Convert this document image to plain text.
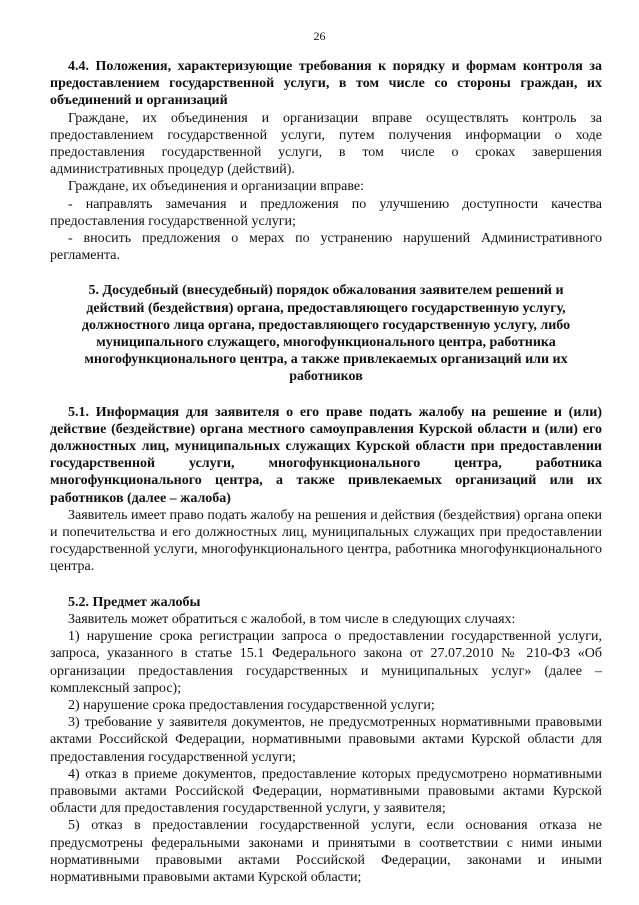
26

4.4. Положения, характеризующие требования к порядку и формам контроля за предоставлением государственной услуги, в том числе со стороны граждан, их объединений и организаций

Граждане, их объединения и организации вправе осуществлять контроль за предоставлением государственной услуги, путем получения информации о ходе предоставления государственной услуги, в том числе о сроках завершения административных процедур (действий).

Граждане, их объединения и организации вправе:

- направлять замечания и предложения по улучшению доступности качества предоставления государственной услуги;

- вносить предложения о мерах по устранению нарушений Административного регламента.

5. Досудебный (внесудебный) порядок обжалования заявителем решений и действий (бездействия) органа, предоставляющего государственную услугу, должностного лица органа, предоставляющего государственную услугу, либо муниципального служащего, многофункционального центра, работника многофункционального центра, а также привлекаемых организаций или их работников

5.1. Информация для заявителя о его праве подать жалобу на решение и (или) действие (бездействие) органа местного самоуправления Курской области и (или) его должностных лиц, муниципальных служащих Курской области при предоставлении государственной услуги, многофункционального центра, работника многофункционального центра, а также привлекаемых организаций или их работников (далее – жалоба)

Заявитель имеет право подать жалобу на решения и действия (бездействия) органа опеки и попечительства и его должностных лиц, муниципальных служащих при предоставлении государственной услуги, многофункционального центра, работника многофункционального центра.

5.2. Предмет жалобы

Заявитель может обратиться с жалобой, в том числе в следующих случаях:

1) нарушение срока регистрации запроса о предоставлении государственной услуги, запроса, указанного в статье 15.1 Федерального закона от 27.07.2010 № 210-ФЗ «Об организации предоставления государственных и муниципальных услуг» (далее – комплексный запрос);

2) нарушение срока предоставления государственной услуги;

3) требование у заявителя документов, не предусмотренных нормативными правовыми актами Российской Федерации, нормативными правовыми актами Курской области для предоставления государственной услуги;

4) отказ в приеме документов, предоставление которых предусмотрено нормативными правовыми актами Российской Федерации, нормативными правовыми актами Курской области для предоставления государственной услуги, у заявителя;

5) отказ в предоставлении государственной услуги, если основания отказа не предусмотрены федеральными законами и принятыми в соответствии с ними иными нормативными правовыми актами Российской Федерации, законами и иными нормативными правовыми актами Курской области;
